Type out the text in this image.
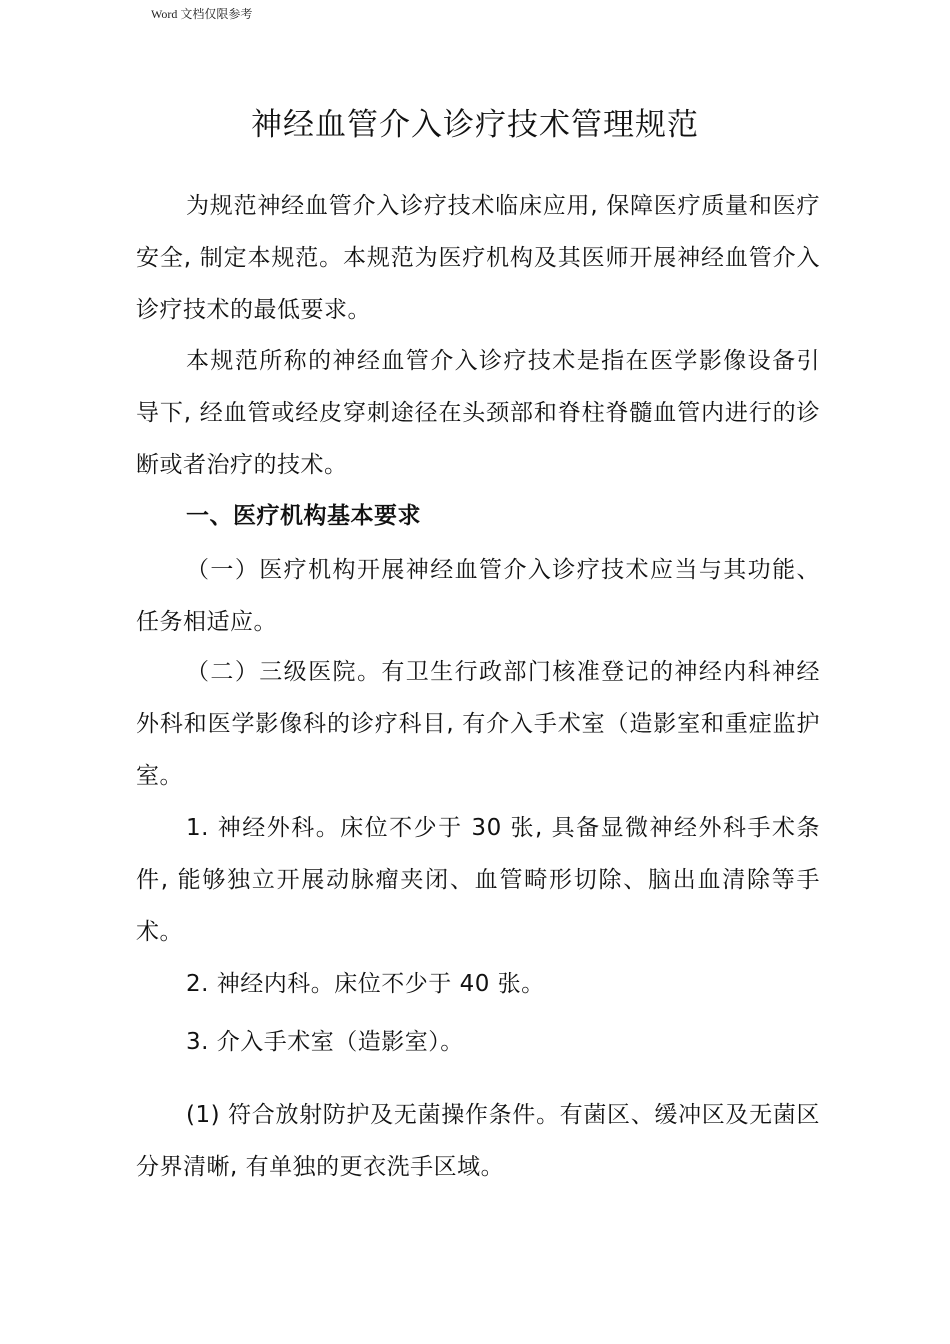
Word 文档仅限参考
神经血管介入诊疗技术管理规范

为规范神经血管介入诊疗技术临床应用, 保障医疗质量和医疗安全, 制定本规范。本规范为医疗机构及其医师开展神经血管介入诊疗技术的最低要求。

本规范所称的神经血管介入诊疗技术是指在医学影像设备引导下, 经血管或经皮穿刺途径在头颈部和脊柱脊髓血管内进行的诊断或者治疗的技术。

一、医疗机构基本要求

（一）医疗机构开展神经血管介入诊疗技术应当与其功能、任务相适应。

（二）三级医院。有卫生行政部门核准登记的神经内科神经外科和医学影像科的诊疗科目, 有介入手术室（造影室和重症监护室。

1. 神经外科。床位不少于 30 张, 具备显微神经外科手术条件, 能够独立开展动脉瘤夹闭、血管畸形切除、脑出血清除等手术。

2. 神经内科。床位不少于 40 张。

3. 介入手术室（造影室）。

(1) 符合放射防护及无菌操作条件。有菌区、缓冲区及无菌区分界清晰, 有单独的更衣洗手区域。
